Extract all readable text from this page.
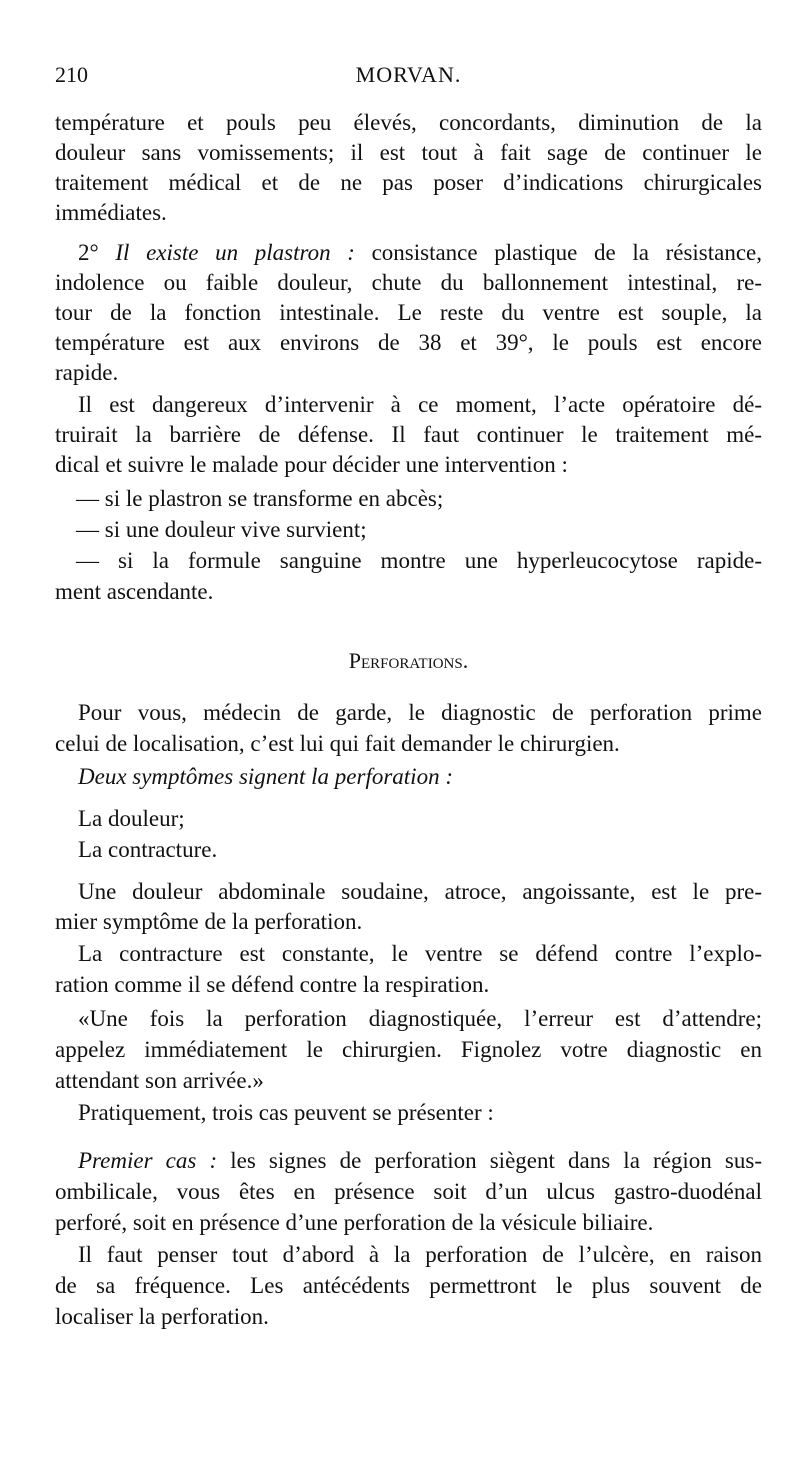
210	MORVAN.
température et pouls peu élevés, concordants, diminution de la
douleur sans vomissements; il est tout à fait sage de continuer le
traitement médical et de ne pas poser d’indications chirurgicales
immédiates.
2° Il existe un plastron : consistance plastique de la résistance,
indolence ou faible douleur, chute du ballonnement intestinal, re-
tour de la fonction intestinale. Le reste du ventre est souple, la
température est aux environs de 38 et 39°, le pouls est encore
rapide.
Il est dangereux d’intervenir à ce moment, l’acte opératoire dé-
truirait la barrière de défense. Il faut continuer le traitement mé-
dical et suivre le malade pour décider une intervention :
— si le plastron se transforme en abcès;
— si une douleur vive survient;
— si la formule sanguine montre une hyperleucocytose rapide-
ment ascendante.
Perforations.
Pour vous, médecin de garde, le diagnostic de perforation prime
celui de localisation, c’est lui qui fait demander le chirurgien.
Deux symptômes signent la perforation :
La douleur;
La contracture.
Une douleur abdominale soudaine, atroce, angoissante, est le pre-
mier symptôme de la perforation.
La contracture est constante, le ventre se défend contre l’explo-
ration comme il se défend contre la respiration.
«Une fois la perforation diagnostiquée, l’erreur est d’attendre;
appelez immédiatement le chirurgien. Fignolez votre diagnostic en
attendant son arrivée.»
Pratiquement, trois cas peuvent se présenter :
Premier cas : les signes de perforation siègent dans la région sus-
ombilicale, vous êtes en présence soit d’un ulcus gastro-duodénal
perforé, soit en présence d’une perforation de la vésicule biliaire.
Il faut penser tout d’abord à la perforation de l’ulcère, en raison
de sa fréquence. Les antécédents permettront le plus souvent de
localiser la perforation.
